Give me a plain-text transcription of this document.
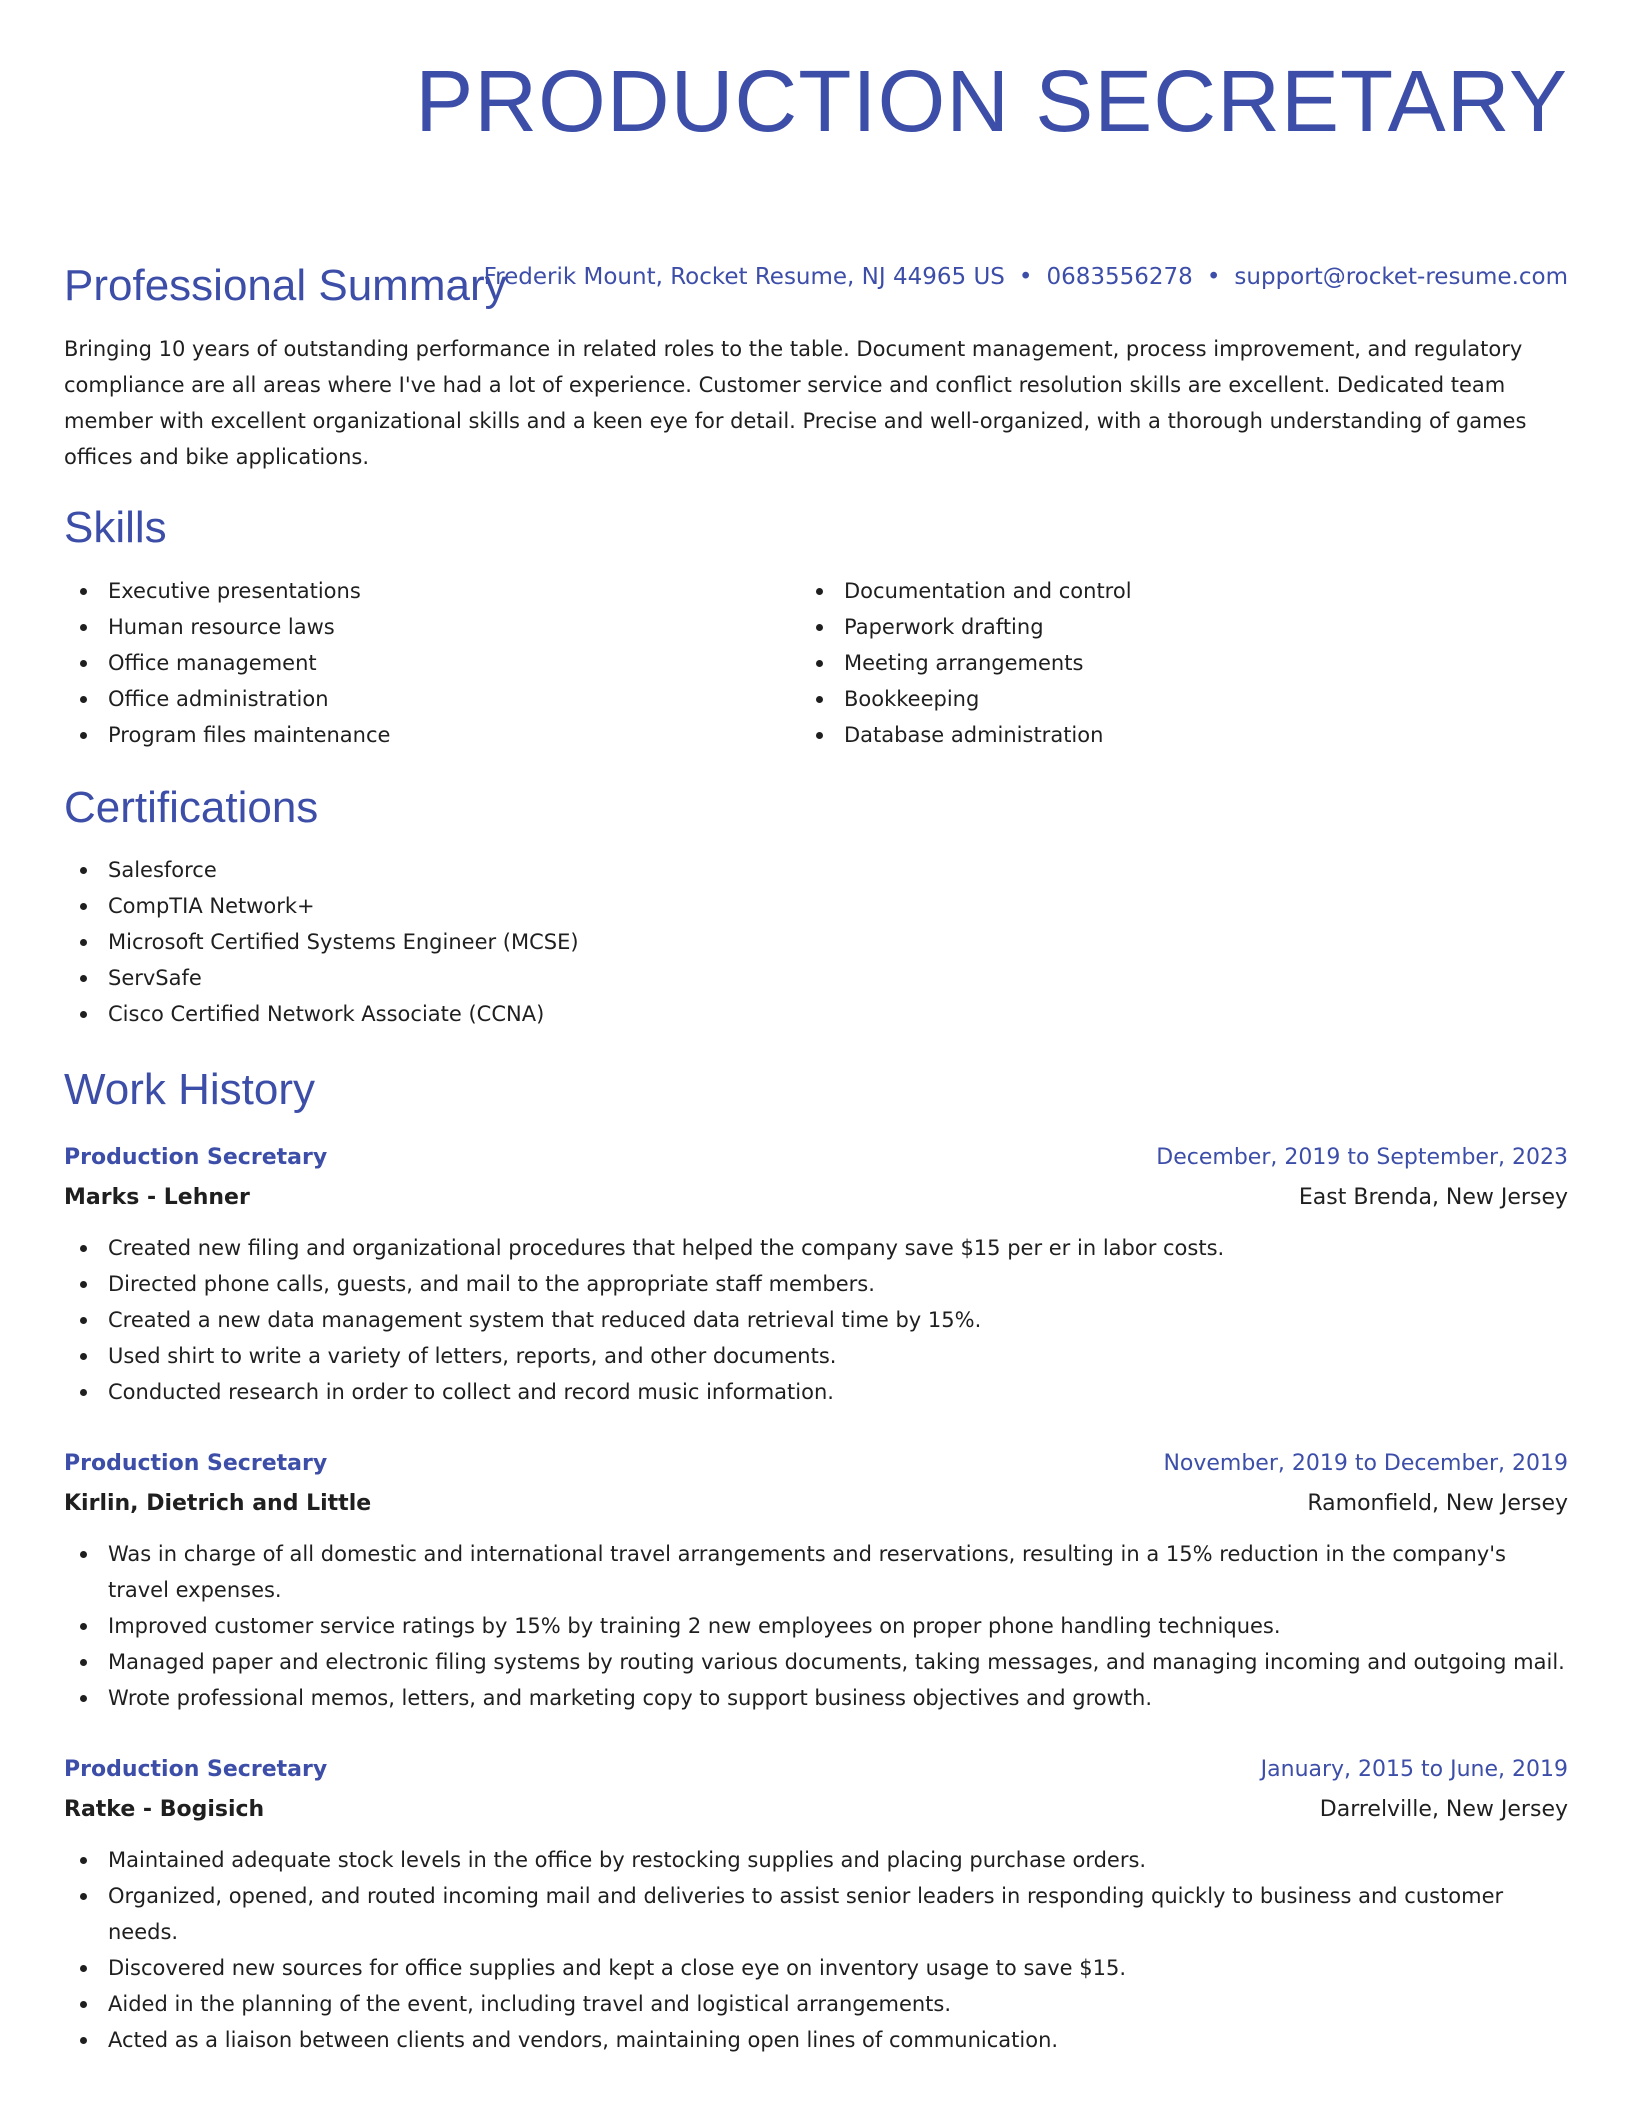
PRODUCTION SECRETARY
Frederik Mount, Rocket Resume, NJ 44965 US • 0683556278 • support@rocket-resume.com
Professional Summary

Bringing 10 years of outstanding performance in related roles to the table. Document management, process improvement, and regulatory compliance are all areas where I've had a lot of experience. Customer service and conflict resolution skills are excellent. Dedicated team member with excellent organizational skills and a keen eye for detail. Precise and well-organized, with a thorough understanding of games offices and bike applications.

Skills
Executive presentations
Human resource laws
Office management
Office administration
Program files maintenance
Documentation and control
Paperwork drafting
Meeting arrangements
Bookkeeping
Database administration
Certifications
Salesforce
CompTIA Network+
Microsoft Certified Systems Engineer (MCSE)
ServSafe
Cisco Certified Network Associate (CCNA)
Work History
Production Secretary	December, 2019 to September, 2023
Marks - Lehner	East Brenda, New Jersey
Created new filing and organizational procedures that helped the company save $15 per er in labor costs.
Directed phone calls, guests, and mail to the appropriate staff members.
Created a new data management system that reduced data retrieval time by 15%.
Used shirt to write a variety of letters, reports, and other documents.
Conducted research in order to collect and record music information.
Production Secretary	November, 2019 to December, 2019
Kirlin, Dietrich and Little	Ramonfield, New Jersey
Was in charge of all domestic and international travel arrangements and reservations, resulting in a 15% reduction in the company's travel expenses.
Improved customer service ratings by 15% by training 2 new employees on proper phone handling techniques.
Managed paper and electronic filing systems by routing various documents, taking messages, and managing incoming and outgoing mail.
Wrote professional memos, letters, and marketing copy to support business objectives and growth.
Production Secretary	January, 2015 to June, 2019
Ratke - Bogisich	Darrelville, New Jersey
Maintained adequate stock levels in the office by restocking supplies and placing purchase orders.
Organized, opened, and routed incoming mail and deliveries to assist senior leaders in responding quickly to business and customer needs.
Discovered new sources for office supplies and kept a close eye on inventory usage to save $15.
Aided in the planning of the event, including travel and logistical arrangements.
Acted as a liaison between clients and vendors, maintaining open lines of communication.
